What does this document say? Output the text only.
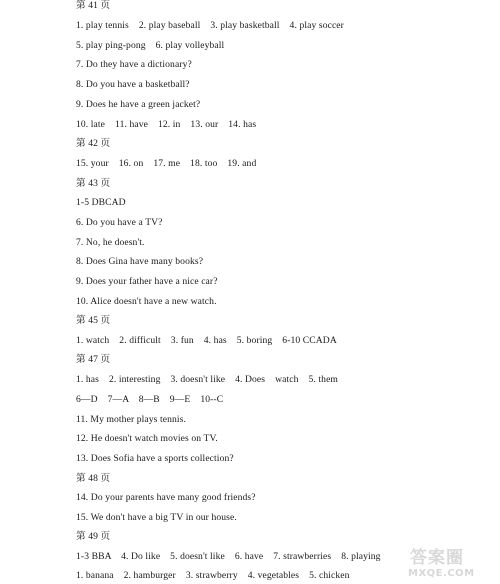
第 41 页
1. play tennis    2. play baseball    3. play basketball    4. play soccer
5. play ping-pong    6. play volleyball
7. Do they have a dictionary?
8. Do you have a basketball?
9. Does he have a green jacket?
10. late    11. have    12. in    13. our    14. has
第 42 页
15. your    16. on    17. me    18. too    19. and
第 43 页
1-5 DBCAD
6. Do you have a TV?
7. No, he doesn't.
8. Does Gina have many books?
9. Does your father have a nice car?
10. Alice doesn't have a new watch.
第 45 页
1. watch    2. difficult    3. fun    4. has    5. boring    6-10 CCADA
第 47 页
1. has    2. interesting    3. doesn't like    4. Does    watch    5. them
6—D    7—A    8—B    9—E    10--C
11. My mother plays tennis.
12. He doesn't watch movies on TV.
13. Does Sofia have a sports collection?
第 48 页
14. Do your parents have many good friends?
15. We don't have a big TV in our house.
第 49 页
1-3 BBA    4. Do like    5. doesn't like    6. have    7. strawberries    8. playing
1. banana    2. hamburger    3. strawberry    4. vegetables    5. chicken
答案圈
MXQE.COM
